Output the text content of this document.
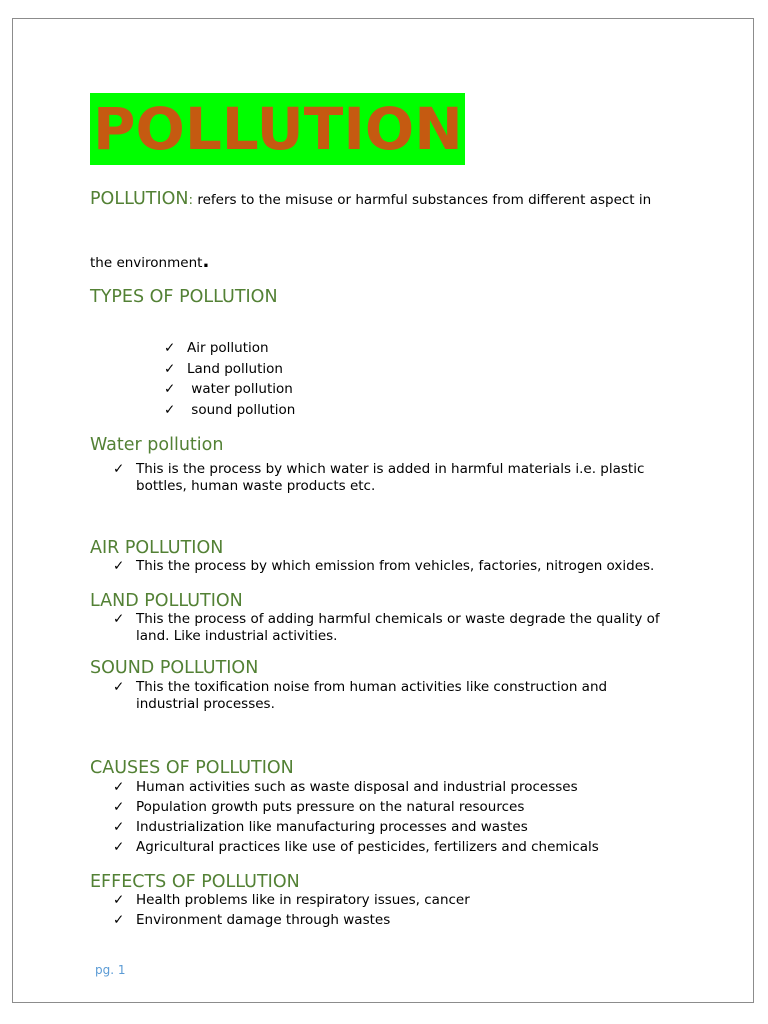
POLLUTION
POLLUTION: refers to the misuse or harmful substances from different aspect in
the environment.
TYPES OF POLLUTION
✓
Air pollution
✓
Land pollution
✓
water pollution
✓
sound pollution
Water pollution
✓
This is the process by which water is added in harmful materials i.e. plastic bottles, human waste products etc.
AIR POLLUTION
✓
This the process by which emission from vehicles, factories, nitrogen oxides.
LAND POLLUTION
✓
This the process of adding harmful chemicals or waste degrade the quality of land. Like industrial activities.
SOUND POLLUTION
✓
This the toxification noise from human activities like construction and industrial processes.
CAUSES OF POLLUTION
✓
Human activities such as waste disposal and industrial processes
✓
Population growth puts pressure on the natural resources
✓
Industrialization like manufacturing processes and wastes
✓
Agricultural practices like use of pesticides, fertilizers and chemicals
EFFECTS OF POLLUTION
✓
Health problems like in respiratory issues, cancer
✓
Environment damage through wastes
pg. 1
